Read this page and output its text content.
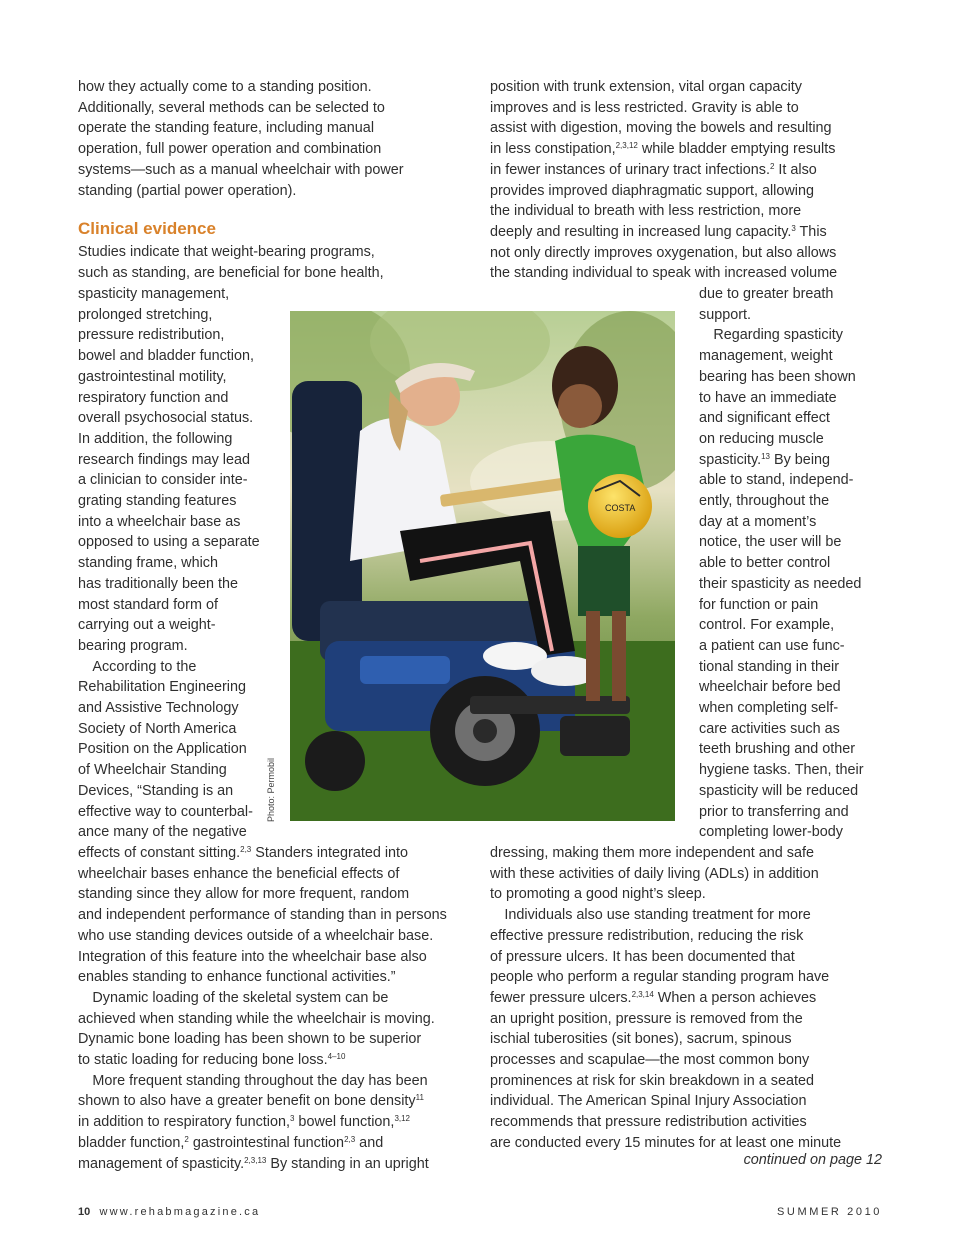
Clinical evidence
how they actually come to a standing position.
Additionally, several methods can be selected to
operate the standing feature, including manual
operation, full power operation and combination
systems—such as a manual wheelchair with power
standing (partial power operation).
Studies indicate that weight-bearing programs,
such as standing, are beneficial for bone health,
spasticity management,
prolonged stretching,
pressure redistribution,
bowel and bladder function,
gastrointestinal motility,
respiratory function and
overall psychosocial status.
In addition, the following
research findings may lead
a clinician to consider inte-
grating standing features
into a wheelchair base as
opposed to using a separate
standing frame, which
has traditionally been the
most standard form of
carrying out a weight-
bearing program.
 According to the
Rehabilitation Engineering
and Assistive Technology
Society of North America
Position on the Application
of Wheelchair Standing
Devices, “Standing is an
effective way to counterbal-
ance many of the negative
effects of constant sitting.$^{2,3}$ Standers integrated into
wheelchair bases enhance the beneficial effects of
standing since they allow for more frequent, random
and independent performance of standing than in persons
who use standing devices outside of a wheelchair base.
Integration of this feature into the wheelchair base also
enables standing to enhance functional activities.”
 Dynamic loading of the skeletal system can be
achieved when standing while the wheelchair is moving.
Dynamic bone loading has been shown to be superior
to static loading for reducing bone loss.$^{4-10}$
 More frequent standing throughout the day has been
shown to also have a greater benefit on bone density$^{11}$
in addition to respiratory function,$^3$ bowel function,$^{3,12}$
bladder function,$^2$ gastrointestinal function$^{2,3}$ and
management of spasticity.$^{2,3,13}$ By standing in an upright
position with trunk extension, vital organ capacity
improves and is less restricted. Gravity is able to
assist with digestion, moving the bowels and resulting
in less constipation,$^{2,3,12}$ while bladder emptying results
in fewer instances of urinary tract infections.$^2$ It also
provides improved diaphragmatic support, allowing
the individual to breath with less restriction, more
deeply and resulting in increased lung capacity.$^3$ This
not only directly improves oxygenation, but also allows
the standing individual to speak with increased volume
due to greater breath
support.
 Regarding spasticity
management, weight
bearing has been shown
to have an immediate
and significant effect
on reducing muscle
spasticity.$^{13}$ By being
able to stand, independ-
ently, throughout the
day at a moment’s
notice, the user will be
able to better control
their spasticity as needed
for function or pain
control. For example,
a patient can use func-
tional standing in their
wheelchair before bed
when completing self-
care activities such as
teeth brushing and other
hygiene tasks. Then, their
spasticity will be reduced
prior to transferring and
completing lower-body
dressing, making them more independent and safe
with these activities of daily living (ADLs) in addition
to promoting a good night’s sleep.
 Individuals also use standing treatment for more
effective pressure redistribution, reducing the risk
of pressure ulcers. It has been documented that
people who perform a regular standing program have
fewer pressure ulcers.$^{2,3,14}$ When a person achieves
an upright position, pressure is removed from the
ischial tuberosities (sit bones), sacrum, spinous
processes and scapulae—the most common bony
prominences at risk for skin breakdown in a seated
individual. The American Spinal Injury Association
recommends that pressure redistribution activities
are conducted every 15 minutes for at least one minute
COSTA
Photo: Permobil
continued on page 12
10 www.rehabmagazine.ca	SUMMER 2010
